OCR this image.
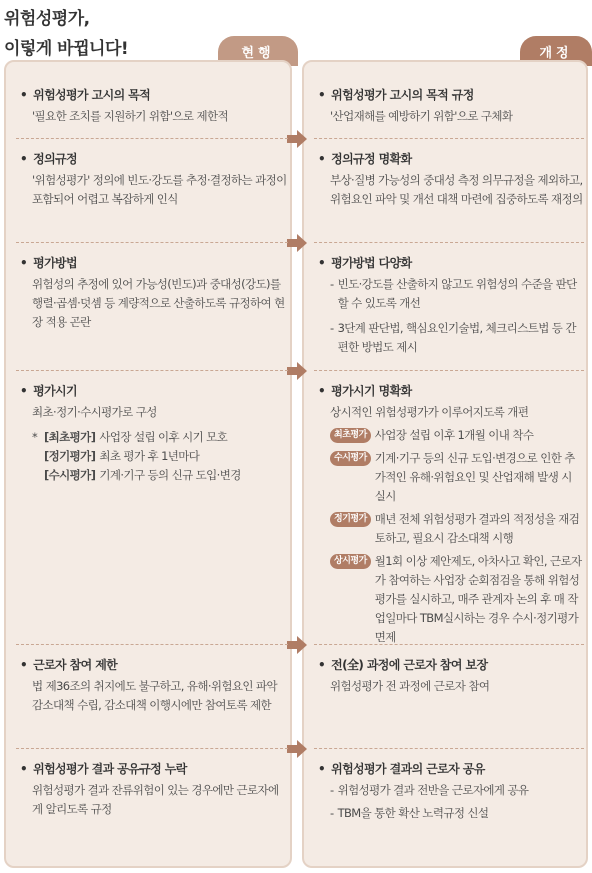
위험성평가,
이렇게 바뀝니다!	현행	개정
• 위험성평가 고시의 목적
'필요한 조치를 지원하기 위함'으로 제한적
• 위험성평가 고시의 목적 규정
'산업재해를 예방하기 위함'으로 구체화
• 정의규정
'위험성평가' 정의에 빈도·강도를 추정·결정하는 과정이 포함되어 어렵고 복잡하게 인식
• 정의규정 명확화
부상·질병 가능성의 중대성 측정 의무규정을 제외하고, 위험요인 파악 및 개선 대책 마련에 집중하도록 재정의
• 평가방법
위험성의 추정에 있어 가능성(빈도)과 중대성(강도)를 행렬·곱셈·덧셈 등 계량적으로 산출하도록 규정하여 현장 적용 곤란
• 평가방법 다양화
- 빈도·강도를 산출하지 않고도 위험성의 수준을 판단할 수 있도록 개선
- 3단계 판단법, 핵심요인기술법, 체크리스트법 등 간편한 방법도 제시
• 평가시기
최초·정기·수시평가로 구성
* [최초평가] 사업장 설립 이후 시기 모호
[정기평가] 최초 평가 후 1년마다
[수시평가] 기계·기구 등의 신규 도입·변경
• 평가시기 명확화
상시적인 위험성평가가 이루어지도록 개편
최초평가 사업장 설립 이후 1개월 이내 착수
수시평가 기계·기구 등의 신규 도입·변경으로 인한 추가적인 유해·위험요인 및 산업재해 발생 시 실시
정기평가 매년 전체 위험성평가 결과의 적정성을 재검토하고, 필요시 감소대책 시행
상시평가 월1회 이상 제안제도, 아차사고 확인, 근로자가 참여하는 사업장 순회점검을 통해 위험성평가를 실시하고, 매주 관계자 논의 후 매 작업일마다 TBM실시하는 경우 수시·정기평가 면제
• 근로자 참여 제한
법 제36조의 취지에도 불구하고, 유해·위험요인 파악 감소대책 수립, 감소대책 이행시에만 참여토록 제한
• 전(全) 과정에 근로자 참여 보장
위험성평가 전 과정에 근로자 참여
• 위험성평가 결과 공유규정 누락
위험성평가 결과 잔류위험이 있는 경우에만 근로자에게 알리도록 규정
• 위험성평가 결과의 근로자 공유
- 위험성평가 결과 전반을 근로자에게 공유
- TBM을 통한 확산 노력규정 신설
